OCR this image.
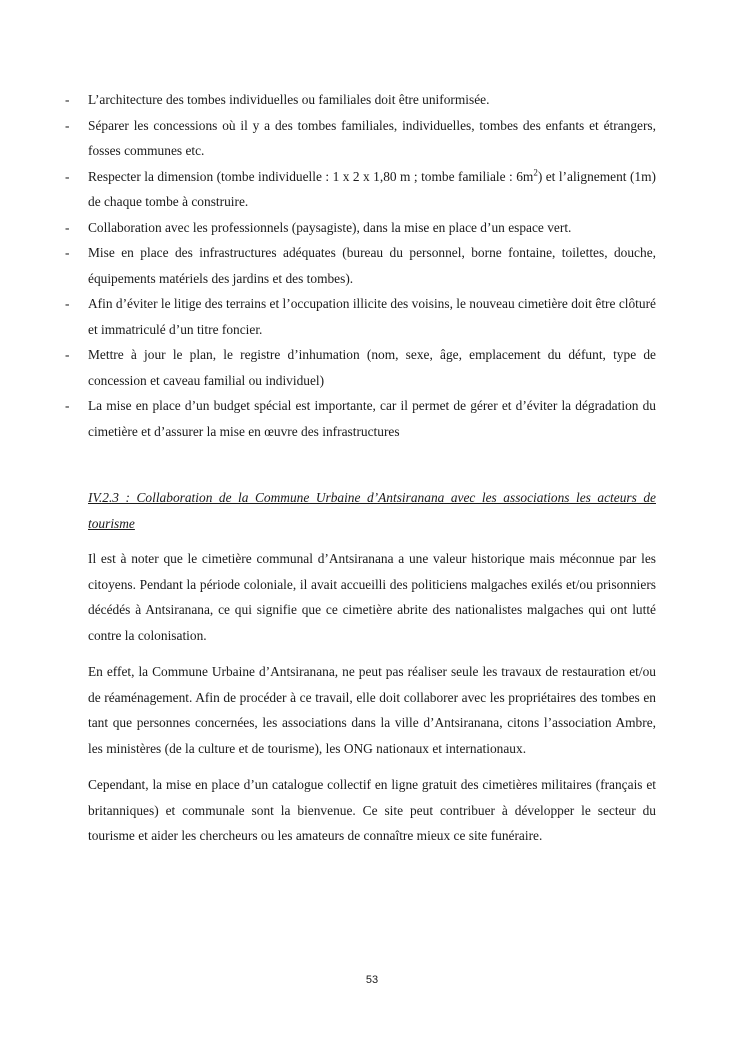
- L’architecture des tombes individuelles ou familiales doit être uniformisée.
- Séparer les concessions où il y a des tombes familiales, individuelles, tombes des enfants et étrangers, fosses communes etc.
- Respecter la dimension (tombe individuelle : 1 x 2 x 1,80 m ; tombe familiale : $6m^2$) et l’alignement (1m) de chaque tombe à construire.
- Collaboration avec les professionnels (paysagiste), dans la mise en place d’un espace vert.
- Mise en place des infrastructures adéquates (bureau du personnel, borne fontaine, toilettes, douche, équipements matériels des jardins et des tombes).
- Afin d’éviter le litige des terrains et l’occupation illicite des voisins, le nouveau cimetière doit être clôturé et immatriculé d’un titre foncier.
- Mettre à jour le plan, le registre d’inhumation (nom, sexe, âge, emplacement du défunt, type de concession et caveau familial ou individuel)
- La mise en place d’un budget spécial est importante, car il permet de gérer et d’éviter la dégradation du cimetière et d’assurer la mise en œuvre des infrastructures

IV.2.3 : Collaboration de la Commune Urbaine d’Antsiranana avec les associations les acteurs de tourisme

Il est à noter que le cimetière communal d’Antsiranana a une valeur historique mais méconnue par les citoyens. Pendant la période coloniale, il avait accueilli des politiciens malgaches exilés et/ou prisonniers décédés à Antsiranana, ce qui signifie que ce cimetière abrite des nationalistes malgaches qui ont lutté contre la colonisation.

En effet, la Commune Urbaine d’Antsiranana, ne peut pas réaliser seule les travaux de restauration et/ou de réaménagement. Afin de procéder à ce travail, elle doit collaborer avec les propriétaires des tombes en tant que personnes concernées, les associations dans la ville d’Antsiranana, citons l’association Ambre, les ministères (de la culture et de tourisme), les ONG nationaux et internationaux.

Cependant, la mise en place d’un catalogue collectif en ligne gratuit des cimetières militaires (français et britanniques) et communale sont la bienvenue. Ce site peut contribuer à développer le secteur du tourisme et aider les chercheurs ou les amateurs de connaître mieux ce site funéraire.

53
